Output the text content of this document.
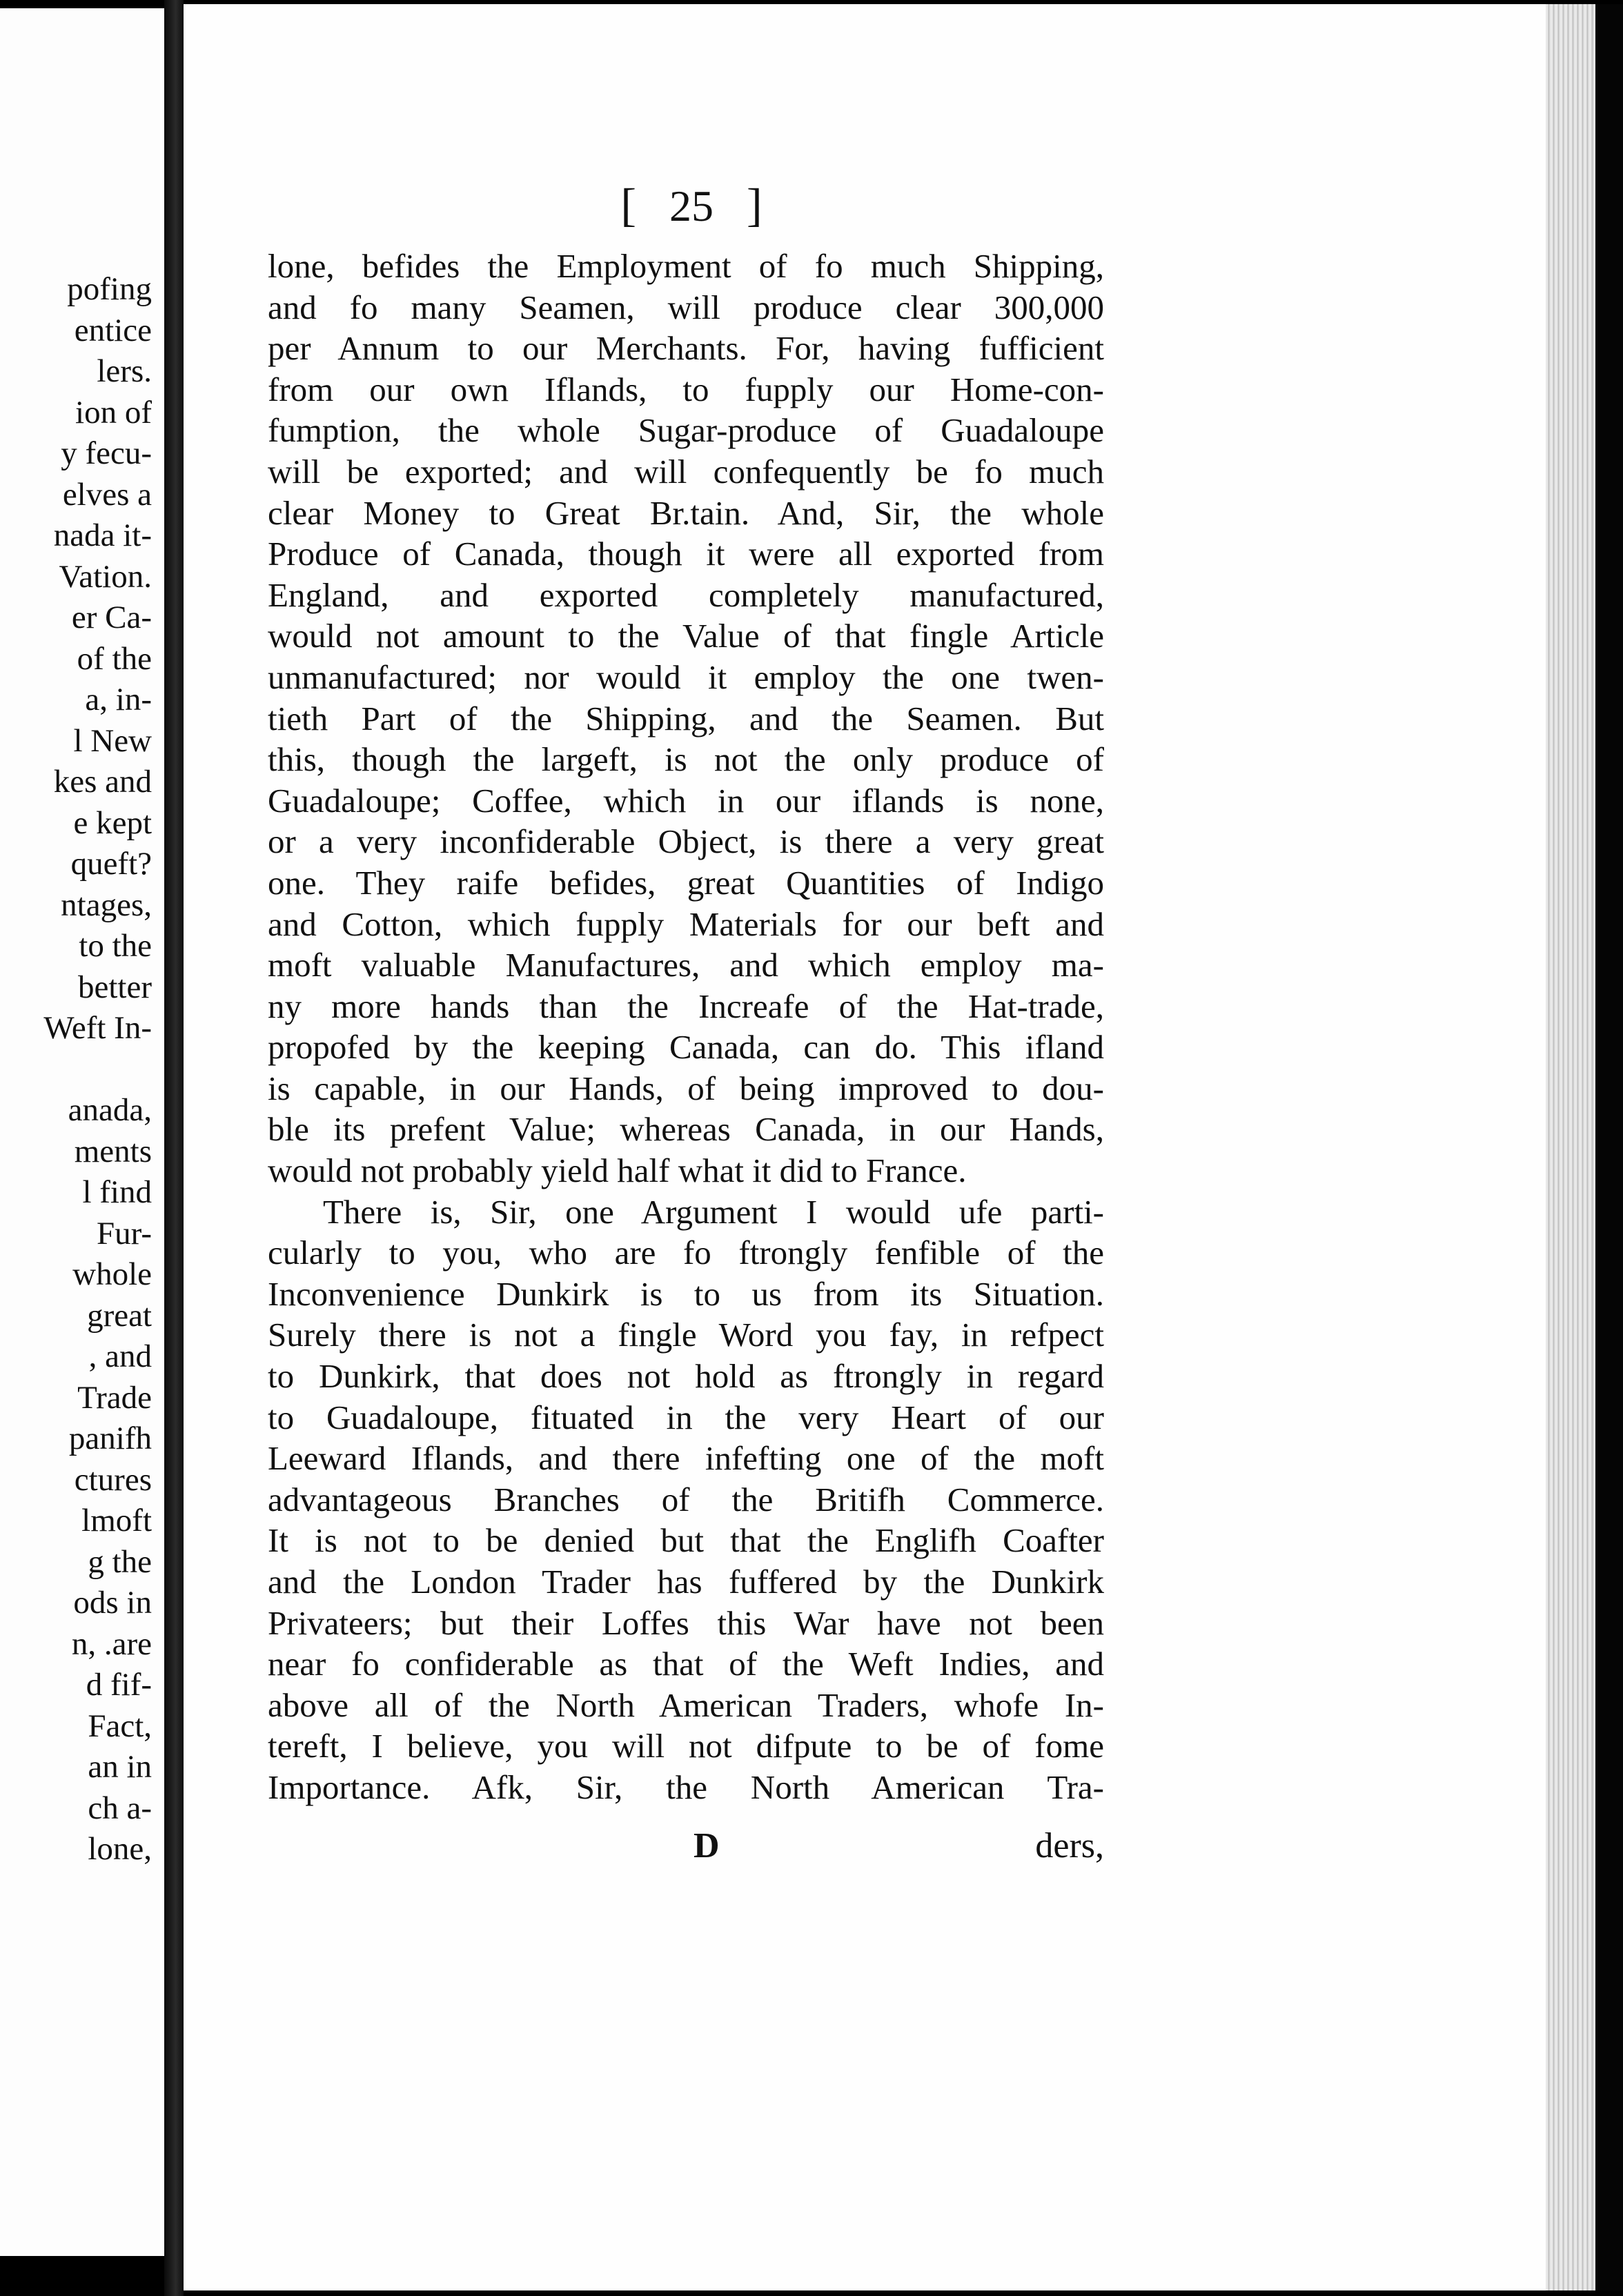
pofing
entice
lers.
ion of
y fecu-
elves a
nada it-
Vation.
er Ca-
of the
a, in-
l New
kes and
e kept
queft?
ntages,
to the
better
Weft In-

anada,
ments
l find
Fur-
whole
great
, and
Trade
panifh
ctures
lmoft
g the
ods in
n, .are
d fif-
Fact,
an in
ch a-
lone,
[ 25 ]
lone, befides the Employment of fo much Shipping,
and fo many Seamen, will produce clear 300,000
per Annum to our Merchants. For, having fufficient
from our own Iflands, to fupply our Home-con-
fumption, the whole Sugar-produce of Guadaloupe
will be exported; and will confequently be fo much
clear Money to Great Br.tain. And, Sir, the whole
Produce of Canada, though it were all exported from
England, and exported completely manufactured,
would not amount to the Value of that fingle Article
unmanufactured; nor would it employ the one twen-
tieth Part of the Shipping, and the Seamen. But
this, though the largeft, is not the only produce of
Guadaloupe; Coffee, which in our iflands is none,
or a very inconfiderable Object, is there a very great
one. They raife befides, great Quantities of Indigo
and Cotton, which fupply Materials for our beft and
moft valuable Manufactures, and which employ ma-
ny more hands than the Increafe of the Hat-trade,
propofed by the keeping Canada, can do. This ifland
is capable, in our Hands, of being improved to dou-
ble its prefent Value; whereas Canada, in our Hands,
would not probably yield half what it did to France.
There is, Sir, one Argument I would ufe parti-
cularly to you, who are fo ftrongly fenfible of the
Inconvenience Dunkirk is to us from its Situation.
Surely there is not a fingle Word you fay, in refpect
to Dunkirk, that does not hold as ftrongly in regard
to Guadaloupe, fituated in the very Heart of our
Leeward Iflands, and there infefting one of the moft
advantageous Branches of the Britifh Commerce.
It is not to be denied but that the Englifh Coafter
and the London Trader has fuffered by the Dunkirk
Privateers; but their Loffes this War have not been
near fo confiderable as that of the Weft Indies, and
above all of the North American Traders, whofe In-
tereft, I believe, you will not difpute to be of fome
Importance. Afk, Sir, the North American Tra-
D	ders,
